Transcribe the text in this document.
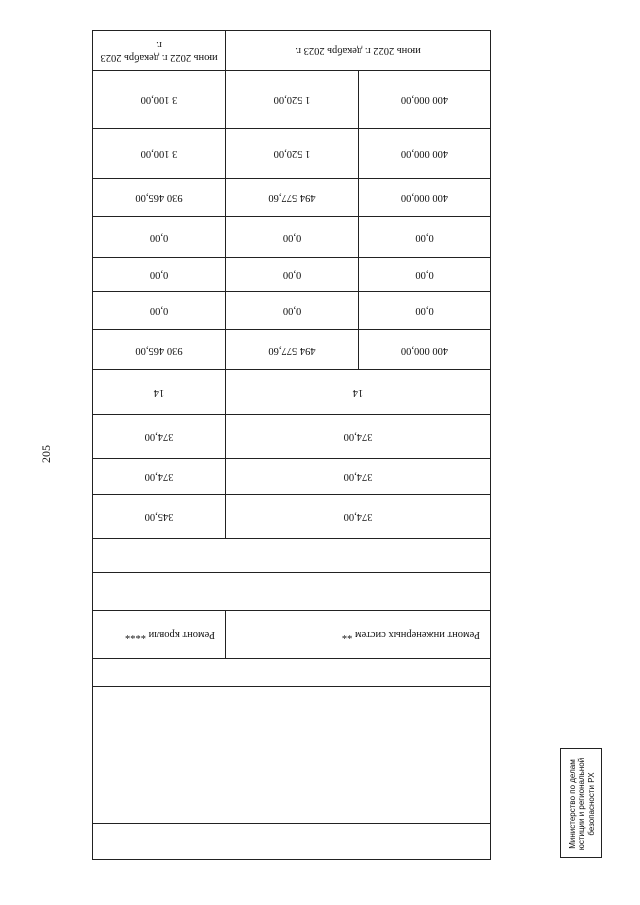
205

Ремонт инженерных систем **		Ремонт кровли ****

374,00		345,00
374,00		374,00
374,00		374,00
14		14
400 000,00	494 577,60	930 465,00
0,00	0,00	0,00
0,00	0,00	0,00
0,00	0,00	0,00
400 000,00	494 577,60	930 465,00
400 000,00	1 520,00	3 100,00
400 000,00	1 520,00	3 100,00
июнь 2022 г. декабрь 2023 г.		июнь 2022 г. декабрь 2023 г.
Министерство по делам юстиции и региональной безопасности РХ
